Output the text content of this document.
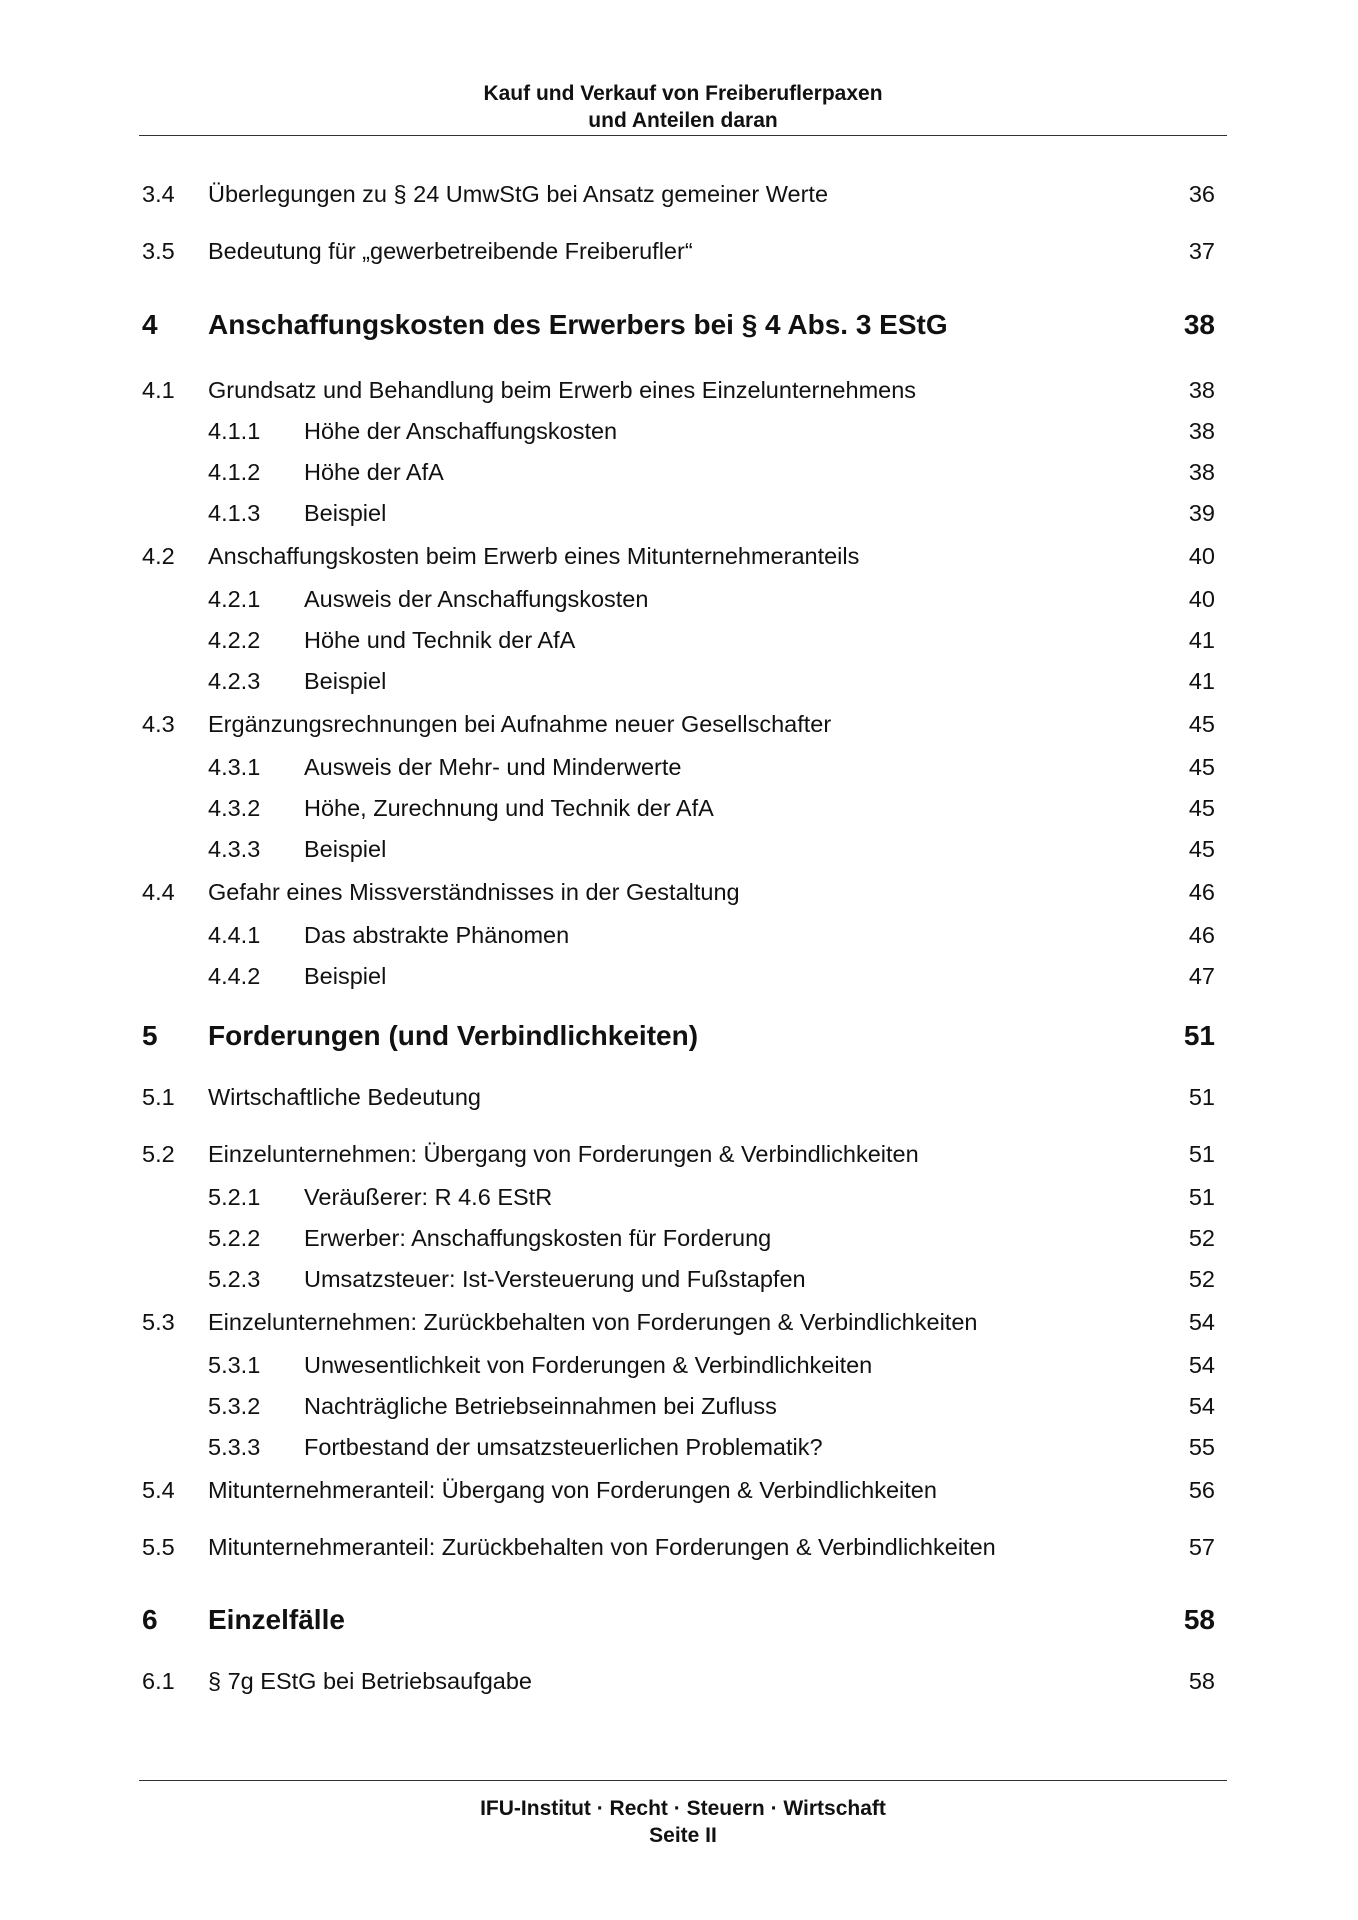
Kauf und Verkauf von Freiberuflerpaxen
und Anteilen daran
3.4 Überlegungen zu § 24 UmwStG bei Ansatz gemeiner Werte	36
3.5 Bedeutung für „gewerbetreibende Freiberufler“	37
4 Anschaffungskosten des Erwerbers bei § 4 Abs. 3 EStG	38
4.1 Grundsatz und Behandlung beim Erwerb eines Einzelunternehmens	38
4.1.1 Höhe der Anschaffungskosten	38
4.1.2 Höhe der AfA	38
4.1.3 Beispiel	39
4.2 Anschaffungskosten beim Erwerb eines Mitunternehmeranteils	40
4.2.1 Ausweis der Anschaffungskosten	40
4.2.2 Höhe und Technik der AfA	41
4.2.3 Beispiel	41
4.3 Ergänzungsrechnungen bei Aufnahme neuer Gesellschafter	45
4.3.1 Ausweis der Mehr- und Minderwerte	45
4.3.2 Höhe, Zurechnung und Technik der AfA	45
4.3.3 Beispiel	45
4.4 Gefahr eines Missverständnisses in der Gestaltung	46
4.4.1 Das abstrakte Phänomen	46
4.4.2 Beispiel	47
5 Forderungen (und Verbindlichkeiten)	51
5.1 Wirtschaftliche Bedeutung	51
5.2 Einzelunternehmen: Übergang von Forderungen & Verbindlichkeiten	51
5.2.1 Veräußerer: R 4.6 EStR	51
5.2.2 Erwerber: Anschaffungskosten für Forderung	52
5.2.3 Umsatzsteuer: Ist-Versteuerung und Fußstapfen	52
5.3 Einzelunternehmen: Zurückbehalten von Forderungen & Verbindlichkeiten	54
5.3.1 Unwesentlichkeit von Forderungen & Verbindlichkeiten	54
5.3.2 Nachträgliche Betriebseinnahmen bei Zufluss	54
5.3.3 Fortbestand der umsatzsteuerlichen Problematik?	55
5.4 Mitunternehmeranteil: Übergang von Forderungen & Verbindlichkeiten	56
5.5 Mitunternehmeranteil: Zurückbehalten von Forderungen & Verbindlichkeiten	57
6 Einzelfälle	58
6.1 § 7g EStG bei Betriebsaufgabe	58
IFU-Institut · Recht · Steuern · Wirtschaft
Seite II
